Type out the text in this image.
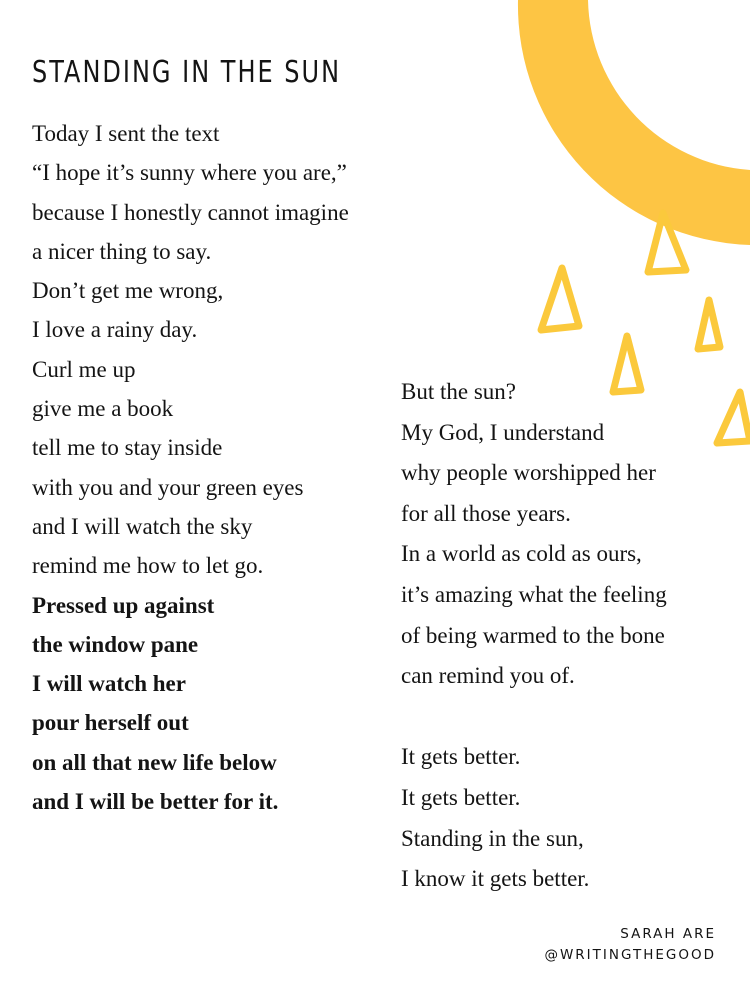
STANDING IN THE SUN
Today I sent the text
“I hope it’s sunny where you are,”
because I honestly cannot imagine
a nicer thing to say.
Don’t get me wrong,
I love a rainy day.
Curl me up
give me a book
tell me to stay inside
with you and your green eyes
and I will watch the sky
remind me how to let go.
Pressed up against
the window pane
I will watch her
pour herself out
on all that new life below
and I will be better for it.
But the sun?
My God, I understand
why people worshipped her
for all those years.
In a world as cold as ours,
it’s amazing what the feeling
of being warmed to the bone
can remind you of.
It gets better.
It gets better.
Standing in the sun,
I know it gets better.
SARAH ARE
@WRITINGTHEGOOD
